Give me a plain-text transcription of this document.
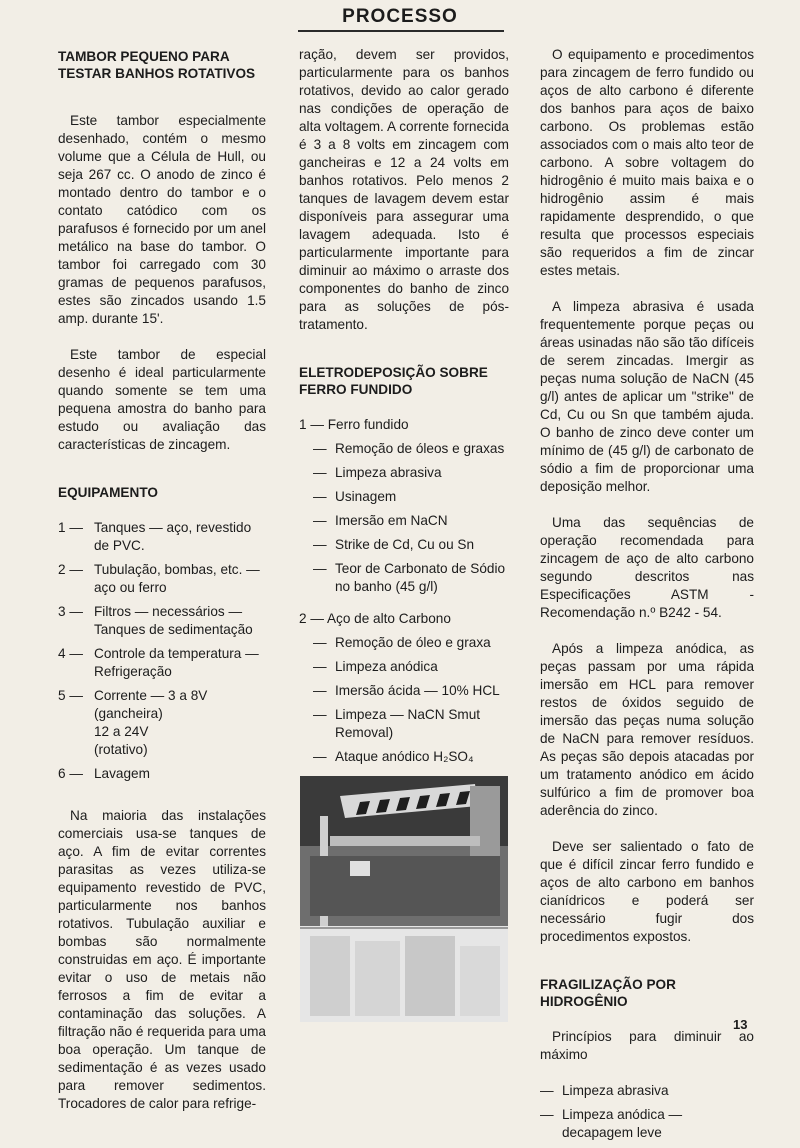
PROCESSO

TAMBOR PEQUENO PARA TESTAR BANHOS ROTATIVOS

Este tambor especialmente desenhado, contém o mesmo volume que a Célula de Hull, ou seja 267 cc. O anodo de zinco é montado dentro do tambor e o contato catódico com os parafusos é fornecido por um anel metálico na base do tambor. O tambor foi carregado com 30 gramas de pequenos parafusos, estes são zincados usando 1.5 amp. durante 15'.

Este tambor de especial desenho é ideal particularmente quando somente se tem uma pequena amostra do banho para estudo ou avaliação das características de zincagem.

EQUIPAMENTO

1 — Tanques — aço, revestido de PVC.
2 — Tubulação, bombas, etc. — aço ou ferro
3 — Filtros — necessários — Tanques de sedimentação
4 — Controle da temperatura — Refrigeração
5 — Corrente — 3 a 8V
(gancheira)
12 a 24V
(rotativo)
6 — Lavagem

Na maioria das instalações comerciais usa-se tanques de aço. A fim de evitar correntes parasitas as vezes utiliza-se equipamento revestido de PVC, particularmente nos banhos rotativos. Tubulação auxiliar e bombas são normalmente construidas em aço. É importante evitar o uso de metais não ferrosos a fim de evitar a contaminação das soluções. A filtração não é requerida para uma boa operação. Um tanque de sedimentação é as vezes usado para remover sedimentos. Trocadores de calor para refrige-

ração, devem ser providos, particularmente para os banhos rotativos, devido ao calor gerado nas condições de operação de alta voltagem. A corrente fornecida é 3 a 8 volts em zincagem com gancheiras e 12 a 24 volts em banhos rotativos. Pelo menos 2 tanques de lavagem devem estar disponíveis para assegurar uma lavagem adequada. Isto é particularmente importante para diminuir ao máximo o arraste dos componentes do banho de zinco para as soluções de pós-tratamento.

ELETRODEPOSIÇÃO SOBRE FERRO FUNDIDO

1 — Ferro fundido
— Remoção de óleos e graxas
— Limpeza abrasiva
— Usinagem
— Imersão em NaCN
— Strike de Cd, Cu ou Sn
— Teor de Carbonato de Sódio no banho (45 g/l)
2 — Aço de alto Carbono
— Remoção de óleo e graxa
— Limpeza anódica
— Imersão ácida — 10% HCL
— Limpeza — NaCN Smut Removal)
— Ataque anódico H₂SO₄

O equipamento e procedimentos para zincagem de ferro fundido ou aços de alto carbono é diferente dos banhos para aços de baixo carbono. Os problemas estão associados com o mais alto teor de carbono. A sobre voltagem do hidrogênio é muito mais baixa e o hidrogênio assim é mais rapidamente desprendido, o que resulta que processos especiais são requeridos a fim de zincar estes metais.

A limpeza abrasiva é usada frequentemente porque peças ou áreas usinadas não são tão difíceis de serem zincadas. Imergir as peças numa solução de NaCN (45 g/l) antes de aplicar um "strike" de Cd, Cu ou Sn que também ajuda. O banho de zinco deve conter um mínimo de (45 g/l) de carbonato de sódio a fim de proporcionar uma deposição melhor.

Uma das sequências de operação recomendada para zincagem de aço de alto carbono segundo descritos nas Especificações ASTM - Recomendação n.º B242 - 54.

Após a limpeza anódica, as peças passam por uma rápida imersão em HCL para remover restos de óxidos seguido de imersão das peças numa solução de NaCN para remover resíduos. As peças são depois atacadas por um tratamento anódico em ácido sulfúrico a fim de promover boa aderência do zinco.

Deve ser salientado o fato de que é difícil zincar ferro fundido e aços de alto carbono em banhos cianídricos e poderá ser necessário fugir dos procedimentos expostos.

FRAGILIZAÇÃO POR HIDROGÊNIO

Princípios para diminuir ao máximo

— Limpeza abrasiva
— Limpeza anódica — decapagem leve
13
